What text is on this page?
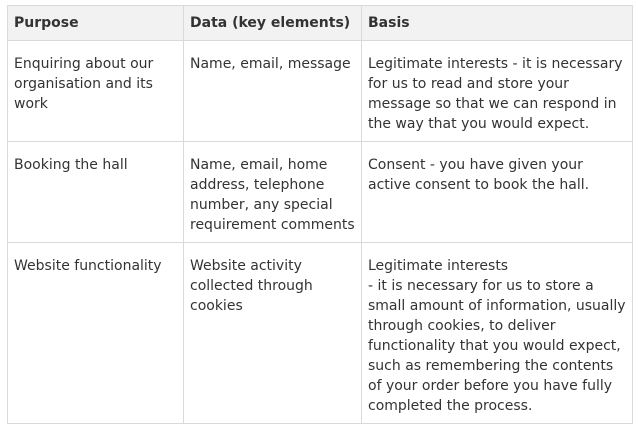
Purpose	Data (key elements)	Basis
Enquiring about our organisation and its work	Name, email, message	Legitimate interests - it is necessary for us to read and store your message so that we can respond in the way that you would expect.

Booking the hall	Name, email, home address, telephone number, any special requirement comments	Consent - you have given your active consent to book the hall.

Website functionality	Website activity collected through cookies	Legitimate interests
- it is necessary for us to store a small amount of information, usually through cookies, to deliver functionality that you would expect, such as remembering the contents of your order before you have fully completed the process.
